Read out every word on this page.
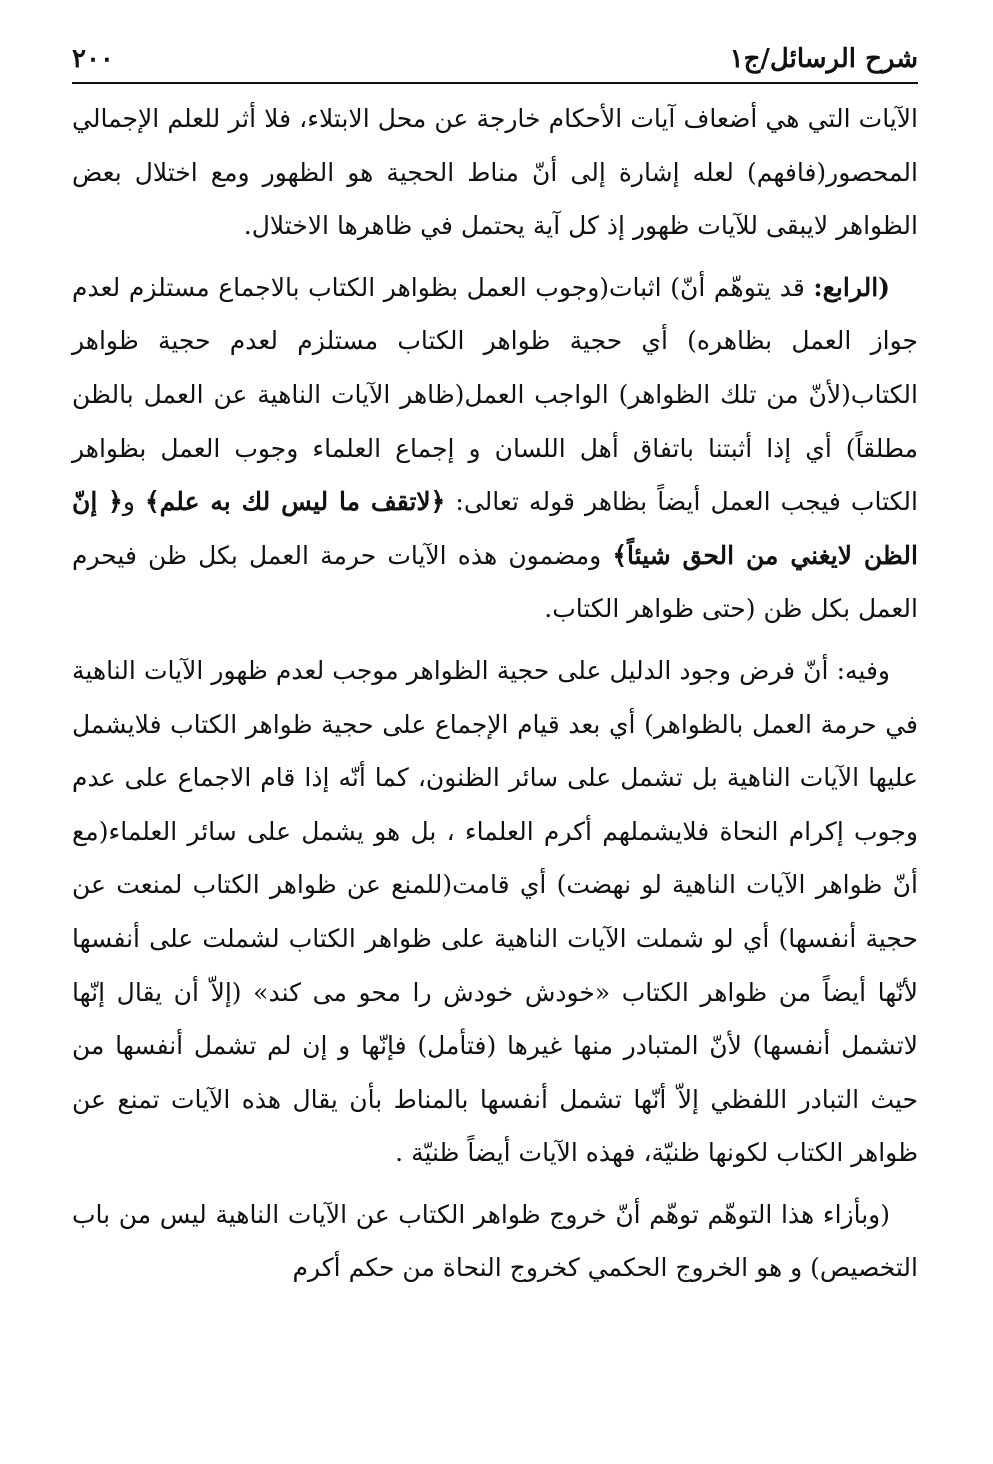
شرح الرسائل/ج١
٢٠٠

الآيات التي هي أضعاف آيات الأحكام خارجة عن محل الابتلاء، فلا أثر للعلم الإجمالي المحصور(فافهم) لعله إشارة إلى أنّ مناط الحجية هو الظهور ومع اختلال بعض الظواهر لايبقى للآيات ظهور إذ كل آية يحتمل في ظاهرها الاختلال.

(الرابع: قد يتوهّم أنّ) اثبات(وجوب العمل بظواهر الكتاب بالاجماع مستلزم لعدم جواز العمل بظاهره) أي حجية ظواهر الكتاب مستلزم لعدم حجية ظواهر الكتاب(لأنّ من تلك الظواهر) الواجب العمل(ظاهر الآيات الناهية عن العمل بالظن مطلقاً) أي إذا أثبتنا باتفاق أهل اللسان و إجماع العلماء وجوب العمل بظواهر الكتاب فيجب العمل أيضاً بظاهر قوله تعالى: ﴿لاتقف ما ليس لك به علم﴾ و﴿ إنّ الظن لايغني من الحق شيئاً﴾ ومضمون هذه الآيات حرمة العمل بكل ظن فيحرم العمل بكل ظن (حتى ظواهر الكتاب.

وفيه: أنّ فرض وجود الدليل على حجية الظواهر موجب لعدم ظهور الآيات الناهية في حرمة العمل بالظواهر) أي بعد قيام الإجماع على حجية ظواهر الكتاب فلايشمل عليها الآيات الناهية بل تشمل على سائر الظنون، كما أنّه إذا قام الاجماع على عدم وجوب إكرام النحاة فلايشملهم أكرم العلماء ، بل هو يشمل على سائر العلماء(مع أنّ ظواهر الآيات الناهية لو نهضت) أي قامت(للمنع عن ظواهر الكتاب لمنعت عن حجية أنفسها) أي لو شملت الآيات الناهية على ظواهر الكتاب لشملت على أنفسها لأنّها أيضاً من ظواهر الكتاب «خودش خودش را محو مى كند» (إلاّ أن يقال إنّها لاتشمل أنفسها) لأنّ المتبادر منها غيرها (فتأمل) فإنّها و إن لم تشمل أنفسها من حيث التبادر اللفظي إلاّ أنّها تشمل أنفسها بالمناط بأن يقال هذه الآيات تمنع عن ظواهر الكتاب لكونها ظنيّة، فهذه الآيات أيضاً ظنيّة .

(وبأزاء هذا التوهّم توهّم أنّ خروج ظواهر الكتاب عن الآيات الناهية ليس من باب التخصيص) و هو الخروج الحكمي كخروج النحاة من حكم أكرم
